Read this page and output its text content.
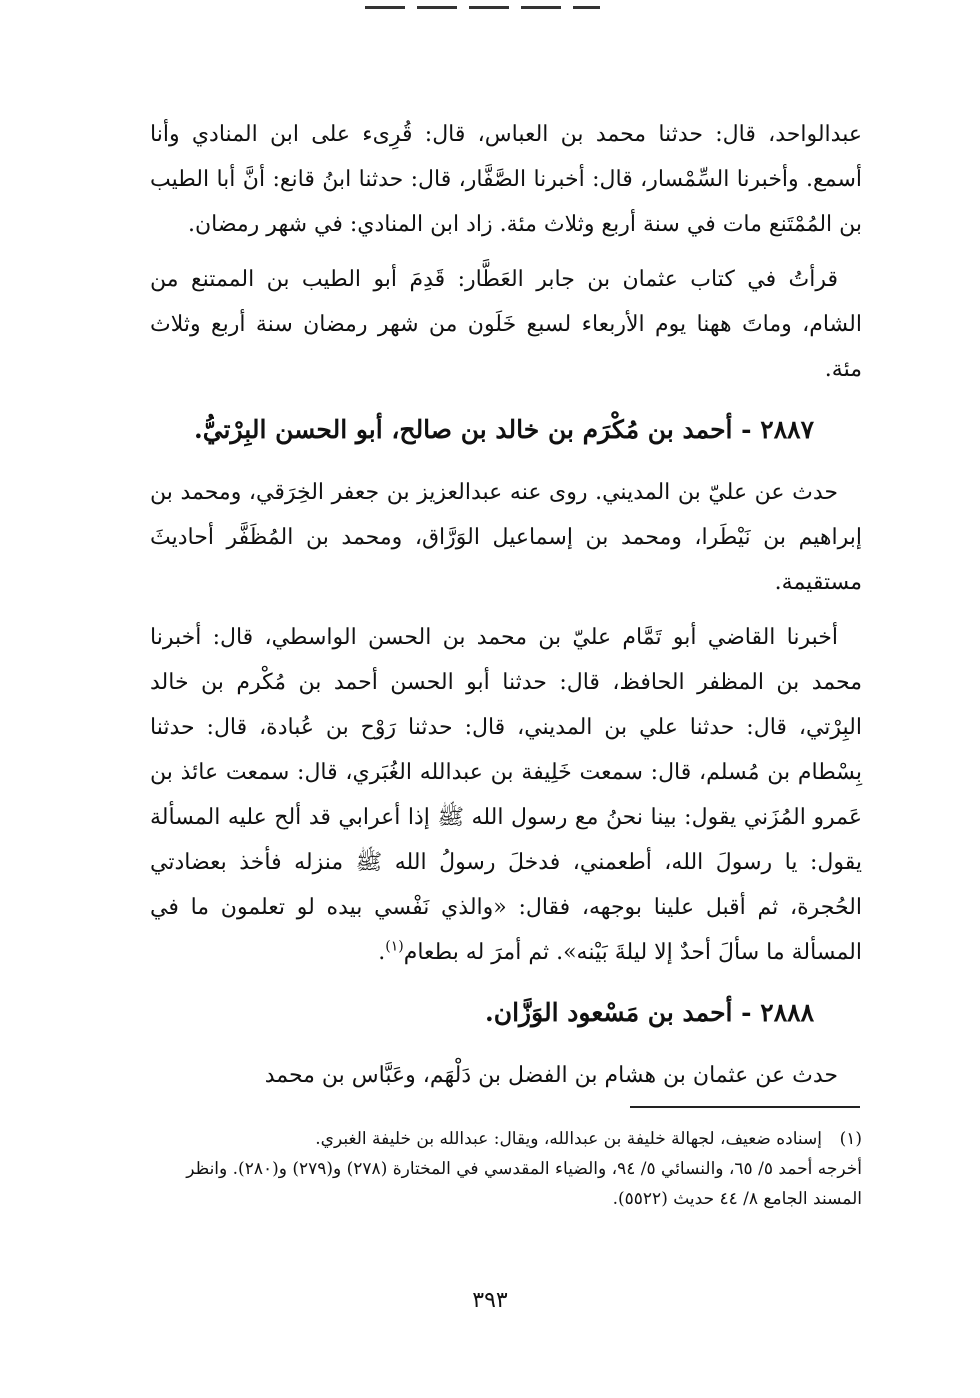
عبدالواحد، قال: حدثنا محمد بن العباس، قال: قُرِىء على ابن المنادي وأنا أسمع. وأخبرنا السِّمْسار، قال: أخبرنا الصَّفَّار، قال: حدثنا ابنُ قانع: أنَّ أبا الطيب بن المُمْتَنع مات في سنة أربع وثلاث مئة. زاد ابن المنادي: في شهر رمضان.

قرأتُ في كتاب عثمان بن جابر العَطَّار: قَدِمَ أبو الطيب بن الممتنع من الشام، وماتَ ههنا يوم الأربعاء لسبع خَلَون من شهر رمضان سنة أربع وثلاث مئة.

٢٨٨٧ - أحمد بن مُكْرَم بن خالد بن صالح، أبو الحسن البِرْتيُّ.

حدث عن عليّ بن المديني. روى عنه عبدالعزيز بن جعفر الخِرَقي، ومحمد بن إبراهيم بن نَيْطَرا، ومحمد بن إسماعيل الوَرَّاق، ومحمد بن المُظَفَّر أحاديثَ مستقيمة.

أخبرنا القاضي أبو تَمَّام عليّ بن محمد بن الحسن الواسطي، قال: أخبرنا محمد بن المظفر الحافظ، قال: حدثنا أبو الحسن أحمد بن مُكْرم بن خالد البِرْتي، قال: حدثنا علي بن المديني، قال: حدثنا رَوْح بن عُبادة، قال: حدثنا بِسْطام بن مُسلم، قال: سمعت خَلِيفة بن عبدالله الغُبَري، قال: سمعت عائذ بن عَمرو المُزَني يقول: بينا نحنُ مع رسول الله ﷺ إذا أعرابي قد ألح عليه المسألة يقول: يا رسولَ الله، أطعمني، فدخلَ رسولُ الله ﷺ منزله فأخذ بعضادتي الحُجرة، ثم أقبل علينا بوجهه، فقال: «والذي نَفْسي بيده لو تعلمون ما في المسألة ما سألَ أحدٌ إلا ليلةَ بَيْنه». ثم أمرَ له بطعام$^{(١)}$.

٢٨٨٨ - أحمد بن مَسْعود الوَزَّان.

حدث عن عثمان بن هشام بن الفضل بن دَلْهَم، وعَبَّاس بن محمد

(١)إسناده ضعيف، لجهالة خليفة بن عبدالله، ويقال: عبدالله بن خليفة الغبري.

أخرجه أحمد ٥/ ٦٥، والنسائي ٥/ ٩٤، والضياء المقدسي في المختارة (٢٧٨) و(٢٧٩) و(٢٨٠). وانظر المسند الجامع ٨/ ٤٤ حديث (٥٥٢٢).

٣٩٣
